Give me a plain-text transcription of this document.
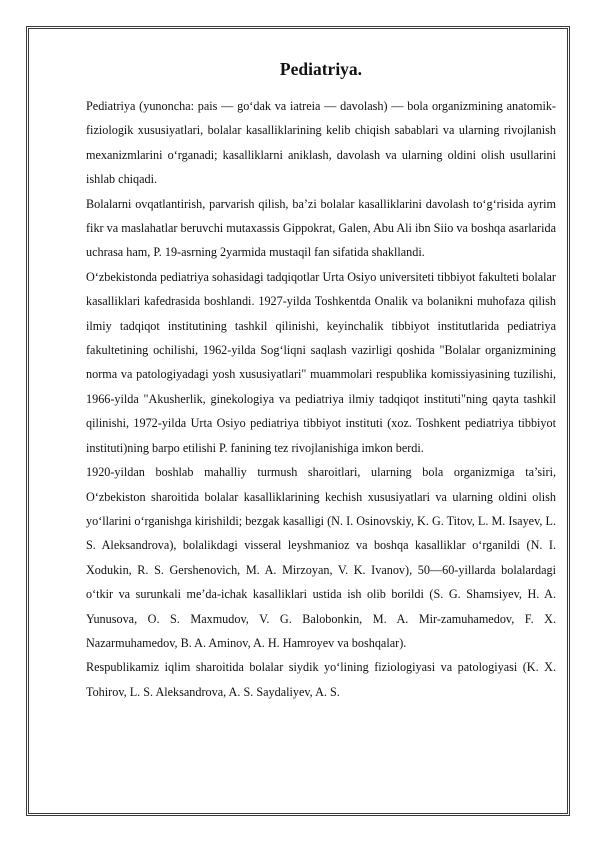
Pediatriya.

Pediatriya (yunoncha: pais — go‘dak va iatreia — davolash) — bola organizmining anatomik-fiziologik xususiyatlari, bolalar kasalliklarining kelib chiqish sabablari va ularning rivojlanish mexanizmlarini o‘rganadi; kasalliklarni aniklash, davolash va ularning oldini olish usullarini ishlab chiqadi.

Bolalarni ovqatlantirish, parvarish qilish, ba’zi bolalar kasalliklarini davolash to‘g‘risida ayrim fikr va maslahatlar beruvchi mutaxassis Gippokrat, Galen, Abu Ali ibn Siio va boshqa asarlarida uchrasa ham, P. 19-asrning 2yarmida mustaqil fan sifatida shakllandi.

O‘zbekistonda pediatriya sohasidagi tadqiqotlar Urta Osiyo universiteti tibbiyot fakulteti bolalar kasalliklari kafedrasida boshlandi. 1927-yilda Toshkentda Onalik va bolanikni muhofaza qilish ilmiy tadqiqot institutining tashkil qilinishi, keyinchalik tibbiyot institutlarida pediatriya fakultetining ochilishi, 1962-yilda Sog‘liqni saqlash vazirligi qoshida "Bolalar organizmining norma va patologiyadagi yosh xususiyatlari" muammolari respublika komissiyasining tuzilishi, 1966-yilda "Akusherlik, ginekologiya va pediatriya ilmiy tadqiqot instituti"ning qayta tashkil qilinishi, 1972-yilda Urta Osiyo pediatriya tibbiyot instituti (xoz. Toshkent pediatriya tibbiyot instituti)ning barpo etilishi P. fanining tez rivojlanishiga imkon berdi.

1920-yildan boshlab mahalliy turmush sharoitlari, ularning bola organizmiga ta’siri, O‘zbekiston sharoitida bolalar kasalliklarining kechish xususiyatlari va ularning oldini olish yo‘llarini o‘rganishga kirishildi; bezgak kasalligi (N. I. Osinovskiy, K. G. Titov, L. M. Isayev, L. S. Aleksandrova), bolalikdagi visseral leyshmanioz va boshqa kasalliklar o‘rganildi (N. I. Xodukin, R. S. Gershenovich, M. A. Mirzoyan, V. K. Ivanov), 50—60-yillarda bolalardagi o‘tkir va surunkali me’da-ichak kasalliklari ustida ish olib borildi (S. G. Shamsiyev, H. A. Yunusova, O. S. Maxmudov, V. G. Balobonkin, M. A. Mir-zamuhamedov, F. X. Nazarmuhamedov, B. A. Aminov, A. H. Hamroyev va boshqalar).

Respublikamiz iqlim sharoitida bolalar siydik yo‘lining fiziologiyasi va patologiyasi (K. X. Tohirov, L. S. Aleksandrova, A. S. Saydaliyev, A. S.
